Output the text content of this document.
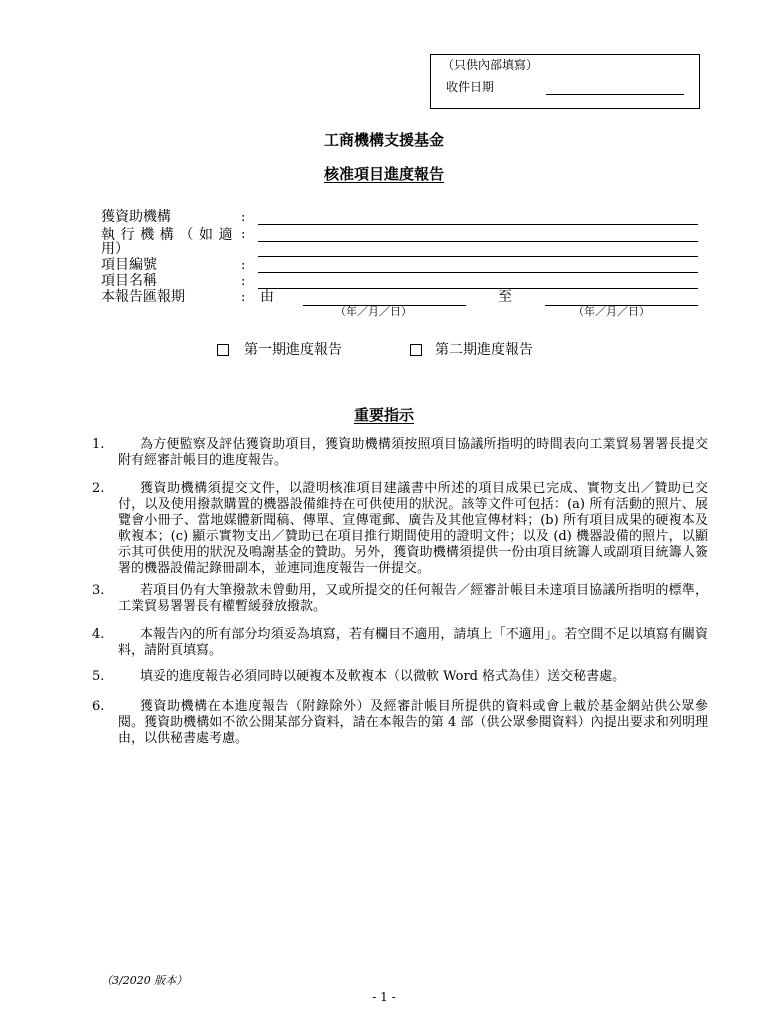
（只供內部填寫）
收件日期
工商機構支援基金
核准項目進度報告
獲資助機構	:
執行機構（如適
用）
:
項目編號	:
項目名稱	:
本報告匯報期	: 由	至
（年／月／日）	（年／月／日）
第一期進度報告	第二期進度報告
重要指示
1.	為方便監察及評估獲資助項目，獲資助機構須按照項目協議所指明的時間表向工業貿易署署長提交附有經審計帳目的進度報告。
2.	獲資助機構須提交文件，以證明核准項目建議書中所述的項目成果已完成、實物支出／贊助已交付，以及使用撥款購置的機器設備維持在可供使用的狀況。該等文件可包括：(a) 所有活動的照片、展覽會小冊子、當地媒體新聞稿、傳單、宣傳電郵、廣告及其他宣傳材料；(b) 所有項目成果的硬複本及軟複本；(c) 顯示實物支出／贊助已在項目推行期間使用的證明文件；以及 (d) 機器設備的照片，以顯示其可供使用的狀況及鳴謝基金的贊助。另外，獲資助機構須提供一份由項目統籌人或副項目統籌人簽署的機器設備記錄冊副本，並連同進度報告一併提交。
3.	若項目仍有大筆撥款未曾動用，又或所提交的任何報告／經審計帳目未達項目協議所指明的標準，工業貿易署署長有權暫緩發放撥款。
4.	本報告內的所有部分均須妥為填寫，若有欄目不適用，請填上「不適用」。若空間不足以填寫有關資料，請附頁填寫。
5.	填妥的進度報告必須同時以硬複本及軟複本（以微軟 Word 格式為佳）送交秘書處。
6.	獲資助機構在本進度報告（附錄除外）及經審計帳目所提供的資料或會上載於基金網站供公眾參閱。獲資助機構如不欲公開某部分資料，請在本報告的第 4 部（供公眾參閱資料）內提出要求和列明理由，以供秘書處考慮。
（3/2020 版本）
- 1 -
